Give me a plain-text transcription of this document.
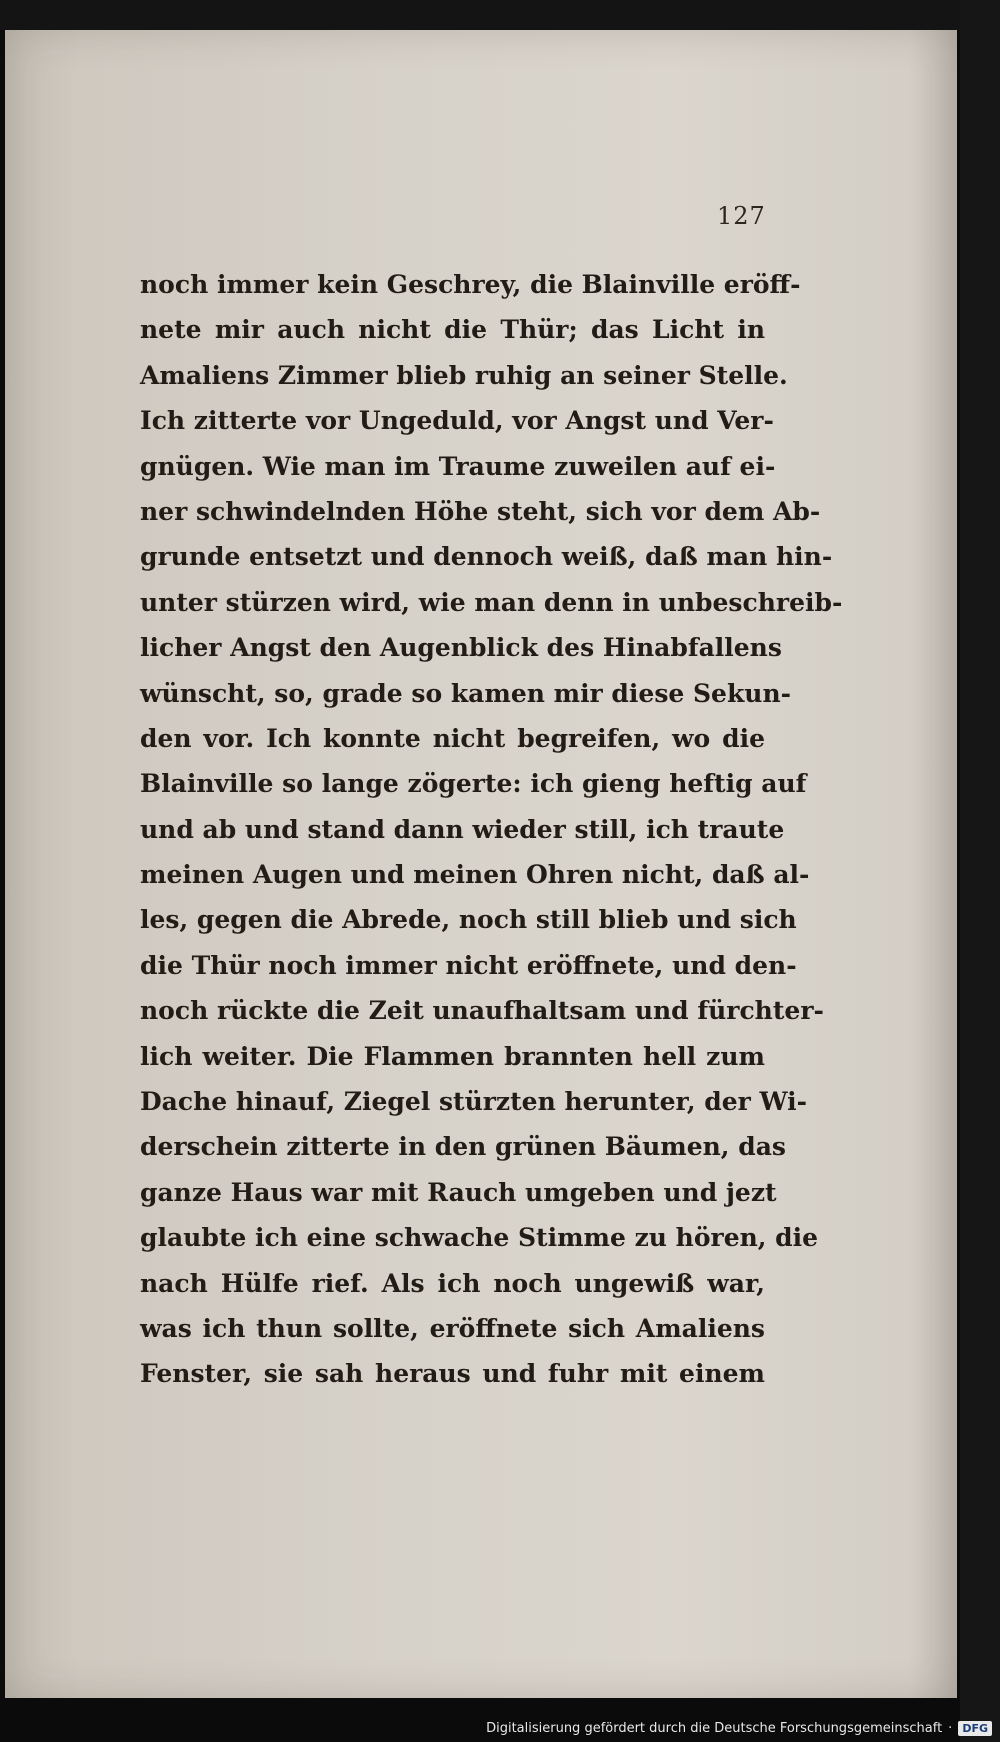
127
noch immer kein Geschrey, die Blainville eröff-
nete mir auch nicht die Thür; das Licht in
Amaliens Zimmer blieb ruhig an seiner Stelle.
Ich zitterte vor Ungeduld, vor Angst und Ver-
gnügen. Wie man im Traume zuweilen auf ei-
ner schwindelnden Höhe steht, sich vor dem Ab-
grunde entsetzt und dennoch weiß, daß man hin-
unter stürzen wird, wie man denn in unbeschreib-
licher Angst den Augenblick des Hinabfallens
wünscht, so, grade so kamen mir diese Sekun-
den vor. Ich konnte nicht begreifen, wo die
Blainville so lange zögerte: ich gieng heftig auf
und ab und stand dann wieder still, ich traute
meinen Augen und meinen Ohren nicht, daß al-
les, gegen die Abrede, noch still blieb und sich
die Thür noch immer nicht eröffnete, und den-
noch rückte die Zeit unaufhaltsam und fürchter-
lich weiter. Die Flammen brannten hell zum
Dache hinauf, Ziegel stürzten herunter, der Wi-
derschein zitterte in den grünen Bäumen, das
ganze Haus war mit Rauch umgeben und jezt
glaubte ich eine schwache Stimme zu hören, die
nach Hülfe rief. Als ich noch ungewiß war,
was ich thun sollte, eröffnete sich Amaliens
Fenster, sie sah heraus und fuhr mit einem
Digitalisierung gefördert durch die Deutsche Forschungsgemeinschaft · DFG
